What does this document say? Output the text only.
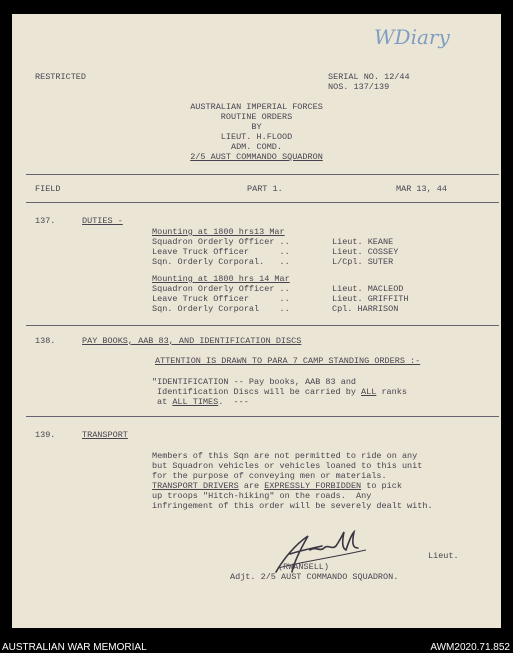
WDiary
RESTRICTED	SERIAL NO. 12/44
NOS. 137/139
AUSTRALIAN IMPERIAL FORCES
ROUTINE ORDERS
BY
LIEUT. H.FLOOD
ADM. COMD.
2/5 AUST COMMANDO SQUADRON
FIELD	PART 1.	MAR 13, 44
137.	DUTIES -
Mounting at 1800 hrs13 Mar
Squadron Orderly Officer ..	Lieut. KEANE
Leave Truck Officer      ..	Lieut. COSSEY
Sqn. Orderly Corporal.   ..	L/Cpl. SUTER
Mounting at 1800 hrs 14 Mar
Squadron Orderly Officer ..	Lieut. MACLEOD
Leave Truck Officer      ..	Lieut. GRIFFITH
Sqn. Orderly Corporal    ..	Cpl. HARRISON
138.	PAY BOOKS, AAB 83, AND IDENTIFICATION DISCS
ATTENTION IS DRAWN TO PARA 7 CAMP STANDING ORDERS :-
"IDENTIFICATION -- Pay books, AAB 83 and
Identification Discs will be carried by ALL ranks
at ALL TIMES.  ---
139.	TRANSPORT
Members of this Sqn are not permitted to ride on any
but Squadron vehicles or vehicles loaned to this unit
for the purpose of conveying men or materials.
TRANSPORT DRIVERS are EXPRESSLY FORBIDDEN to pick
up troops "Hitch-hiking" on the roads.  Any
infringement of this order will be severely dealt with.
Lieut.
(RWANSELL)
Adjt. 2/5 AUST COMMANDO SQUADRON.
AUSTRALIAN WAR MEMORIAL	AWM2020.71.852
